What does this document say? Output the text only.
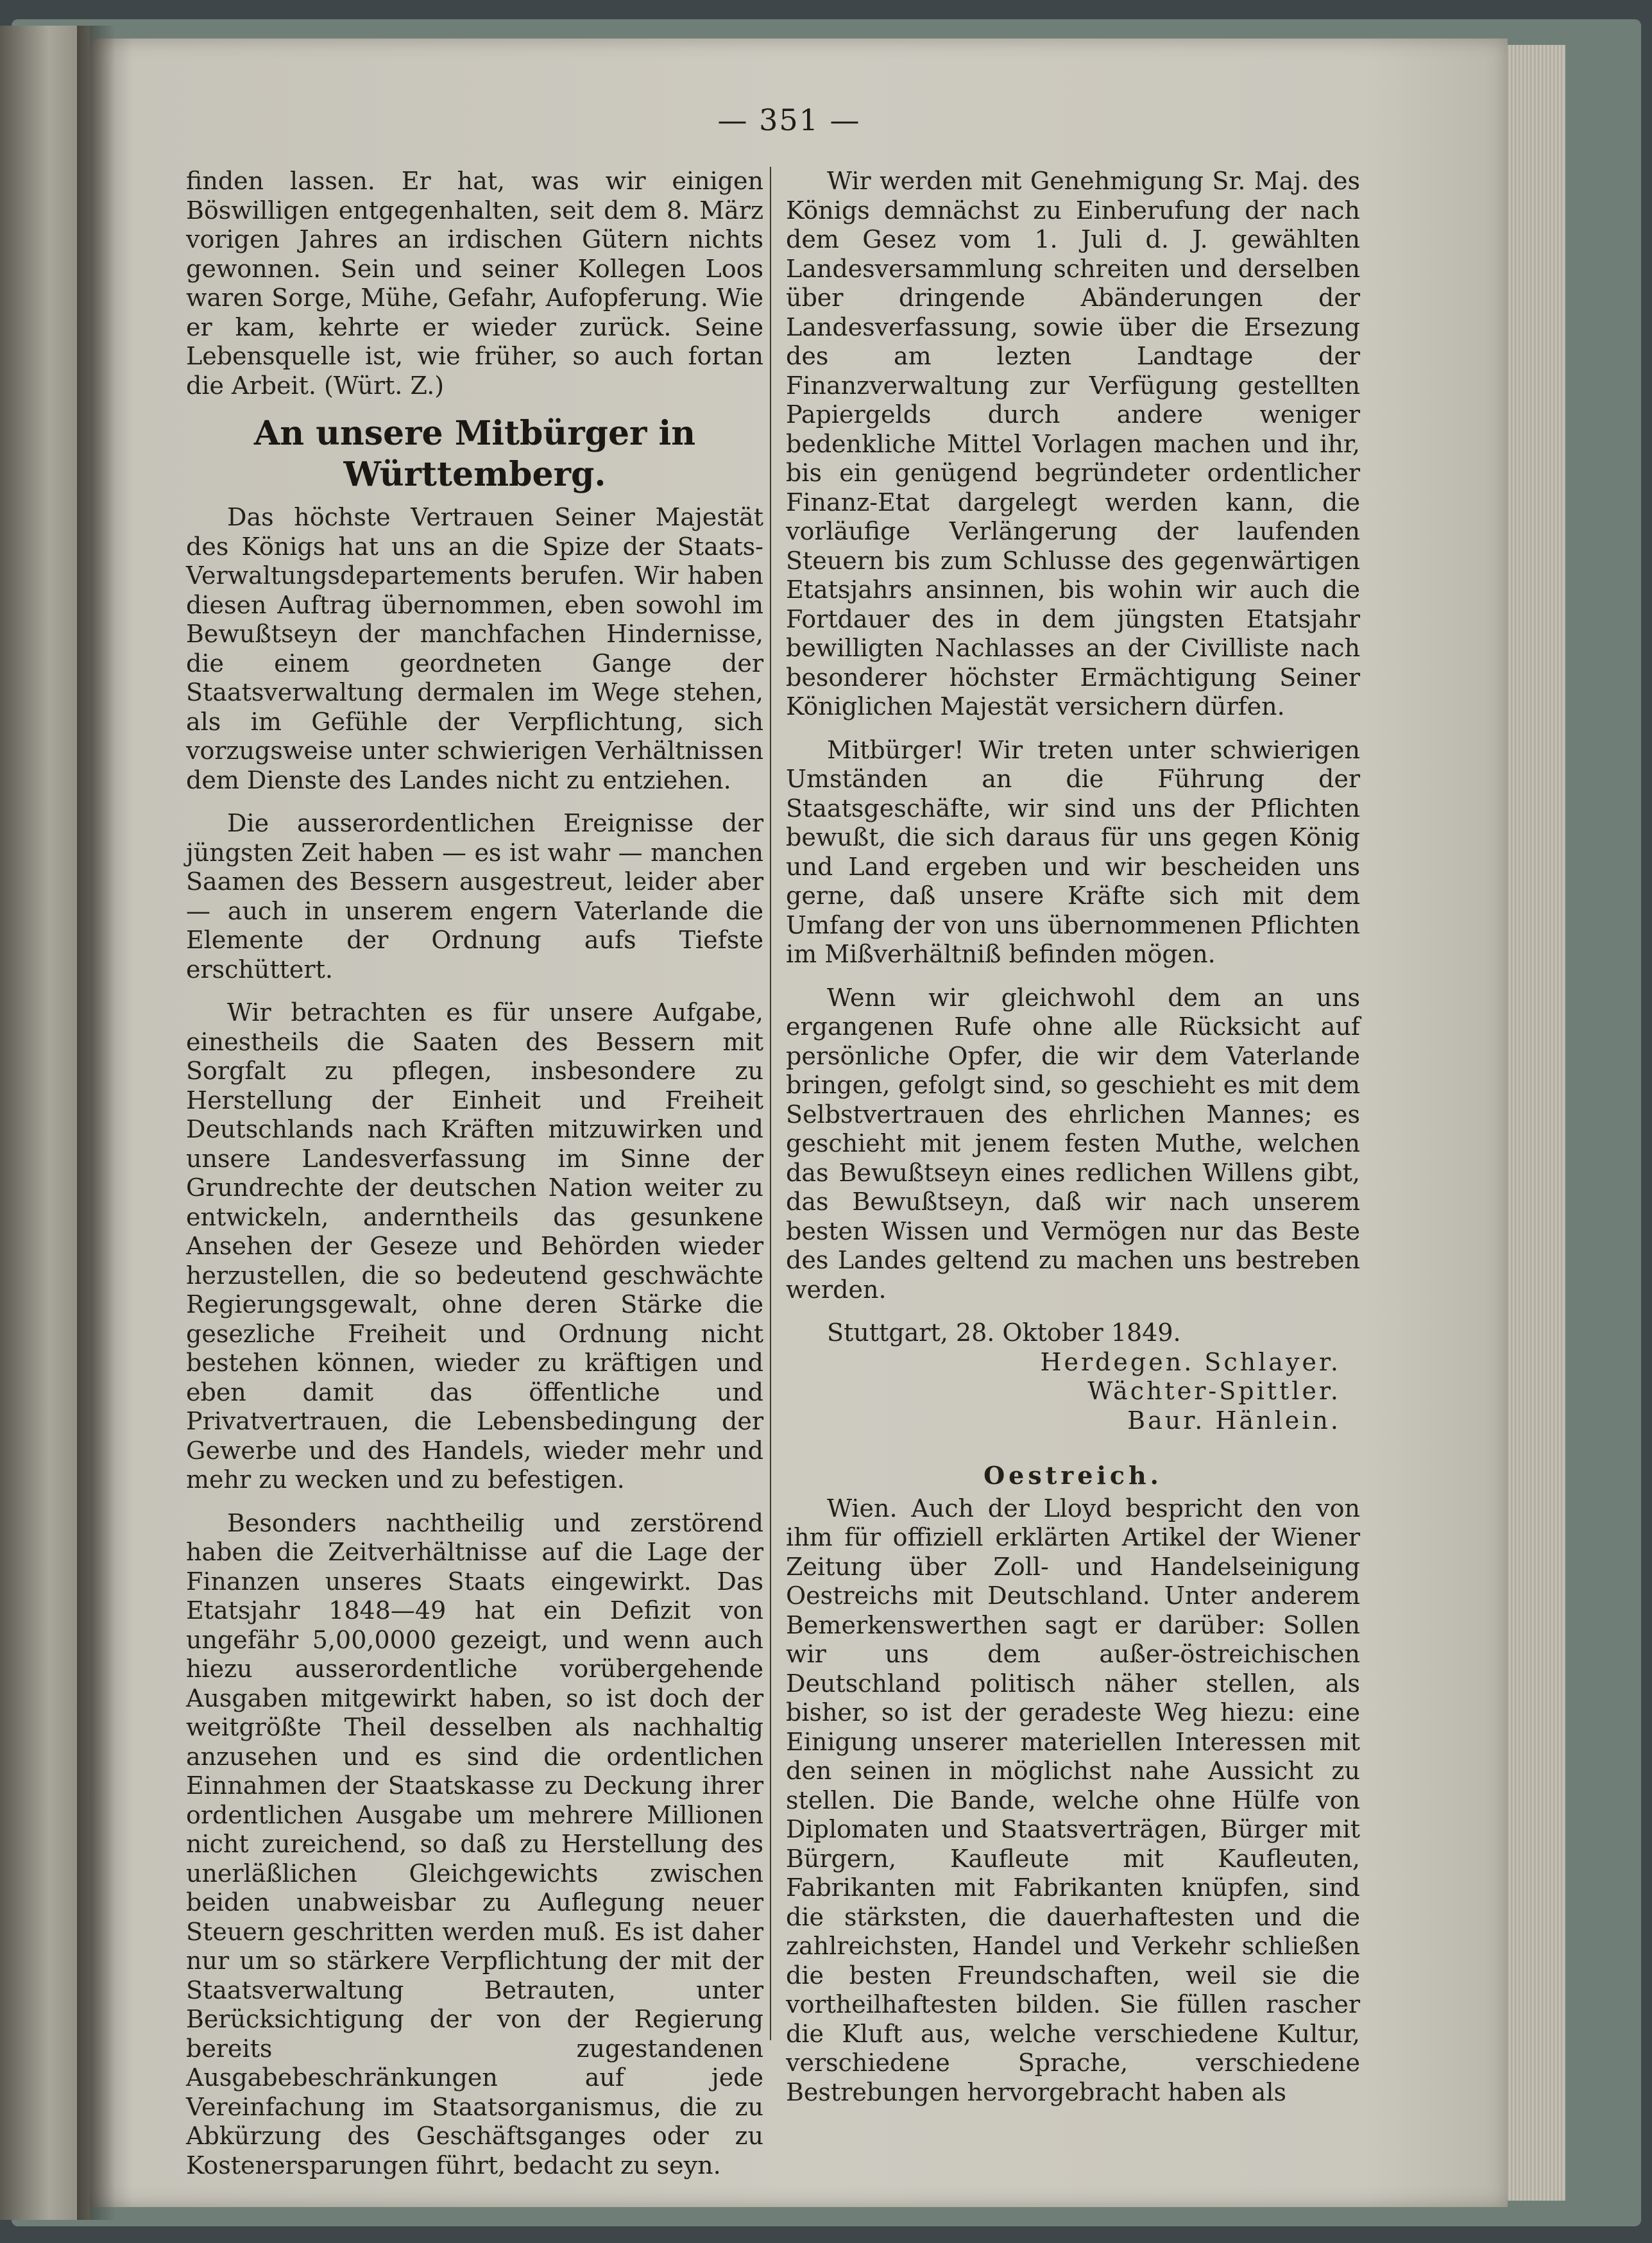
— 351 —

finden lassen. Er hat, was wir einigen Böswilligen entgegenhalten, seit dem 8. März vorigen Jahres an irdischen Gütern nichts gewonnen. Sein und seiner Kollegen Loos waren Sorge, Mühe, Gefahr, Aufopferung. Wie er kam, kehrte er wieder zurück. Seine Lebensquelle ist, wie früher, so auch fortan die Arbeit. (Würt. Z.)

An unsere Mitbürger in Württemberg.

Das höchste Vertrauen Seiner Majestät des Königs hat uns an die Spize der Staats-Verwaltungsdepartements berufen. Wir haben diesen Auftrag übernommen, eben sowohl im Bewußtseyn der manchfachen Hindernisse, die einem geordneten Gange der Staatsverwaltung dermalen im Wege stehen, als im Gefühle der Verpflichtung, sich vorzugsweise unter schwierigen Verhältnissen dem Dienste des Landes nicht zu entziehen.

Die ausserordentlichen Ereignisse der jüngsten Zeit haben — es ist wahr — manchen Saamen des Bessern ausgestreut, leider aber — auch in unserem engern Vaterlande die Elemente der Ordnung aufs Tiefste erschüttert.

Wir betrachten es für unsere Aufgabe, einestheils die Saaten des Bessern mit Sorgfalt zu pflegen, insbesondere zu Herstellung der Einheit und Freiheit Deutschlands nach Kräften mitzuwirken und unsere Landesverfassung im Sinne der Grundrechte der deutschen Nation weiter zu entwickeln, anderntheils das gesunkene Ansehen der Geseze und Behörden wieder herzustellen, die so bedeutend geschwächte Regierungsgewalt, ohne deren Stärke die gesezliche Freiheit und Ordnung nicht bestehen können, wieder zu kräftigen und eben damit das öffentliche und Privatvertrauen, die Lebensbedingung der Gewerbe und des Handels, wieder mehr und mehr zu wecken und zu befestigen.

Besonders nachtheilig und zerstörend haben die Zeitverhältnisse auf die Lage der Finanzen unseres Staats eingewirkt. Das Etatsjahr 1848—49 hat ein Defizit von ungefähr 5,00,0000 gezeigt, und wenn auch hiezu ausserordentliche vorübergehende Ausgaben mitgewirkt haben, so ist doch der weitgrößte Theil desselben als nachhaltig anzusehen und es sind die ordentlichen Einnahmen der Staatskasse zu Deckung ihrer ordentlichen Ausgabe um mehrere Millionen nicht zureichend, so daß zu Herstellung des unerläßlichen Gleichgewichts zwischen beiden unabweisbar zu Auflegung neuer Steuern geschritten werden muß. Es ist daher nur um so stärkere Verpflichtung der mit der Staatsverwaltung Betrauten, unter Berücksichtigung der von der Regierung bereits zugestandenen Ausgabebeschränkungen auf jede Vereinfachung im Staatsorganismus, die zu Abkürzung des Geschäftsganges oder zu Kostenersparungen führt, bedacht zu seyn.

Wir werden mit Genehmigung Sr. Maj. des Königs demnächst zu Einberufung der nach dem Gesez vom 1. Juli d. J. gewählten Landesversammlung schreiten und derselben über dringende Abänderungen der Landesverfassung, sowie über die Ersezung des am lezten Landtage der Finanzverwaltung zur Verfügung gestellten Papiergelds durch andere weniger bedenkliche Mittel Vorlagen machen und ihr, bis ein genügend begründeter ordentlicher Finanz-Etat dargelegt werden kann, die vorläufige Verlängerung der laufenden Steuern bis zum Schlusse des gegenwärtigen Etatsjahrs ansinnen, bis wohin wir auch die Fortdauer des in dem jüngsten Etatsjahr bewilligten Nachlasses an der Civilliste nach besonderer höchster Ermächtigung Seiner Königlichen Majestät versichern dürfen.

Mitbürger! Wir treten unter schwierigen Umständen an die Führung der Staatsgeschäfte, wir sind uns der Pflichten bewußt, die sich daraus für uns gegen König und Land ergeben und wir bescheiden uns gerne, daß unsere Kräfte sich mit dem Umfang der von uns übernommenen Pflichten im Mißverhältniß befinden mögen.

Wenn wir gleichwohl dem an uns ergangenen Rufe ohne alle Rücksicht auf persönliche Opfer, die wir dem Vaterlande bringen, gefolgt sind, so geschieht es mit dem Selbstvertrauen des ehrlichen Mannes; es geschieht mit jenem festen Muthe, welchen das Bewußtseyn eines redlichen Willens gibt, das Bewußtseyn, daß wir nach unserem besten Wissen und Vermögen nur das Beste des Landes geltend zu machen uns bestreben werden.

Stuttgart, 28. Oktober 1849.

Herdegen. Schlayer.

Wächter-Spittler.

Baur. Hänlein.

Oestreich.

Wien. Auch der Lloyd bespricht den von ihm für offiziell erklärten Artikel der Wiener Zeitung über Zoll- und Handelseinigung Oestreichs mit Deutschland. Unter anderem Bemerkenswerthen sagt er darüber: Sollen wir uns dem außer-östreichischen Deutschland politisch näher stellen, als bisher, so ist der geradeste Weg hiezu: eine Einigung unserer materiellen Interessen mit den seinen in möglichst nahe Aussicht zu stellen. Die Bande, welche ohne Hülfe von Diplomaten und Staatsverträgen, Bürger mit Bürgern, Kaufleute mit Kaufleuten, Fabrikanten mit Fabrikanten knüpfen, sind die stärksten, die dauerhaftesten und die zahlreichsten, Handel und Verkehr schließen die besten Freundschaften, weil sie die vortheilhaftesten bilden. Sie füllen rascher die Kluft aus, welche verschiedene Kultur, verschiedene Sprache, verschiedene Bestrebungen hervorgebracht haben als
